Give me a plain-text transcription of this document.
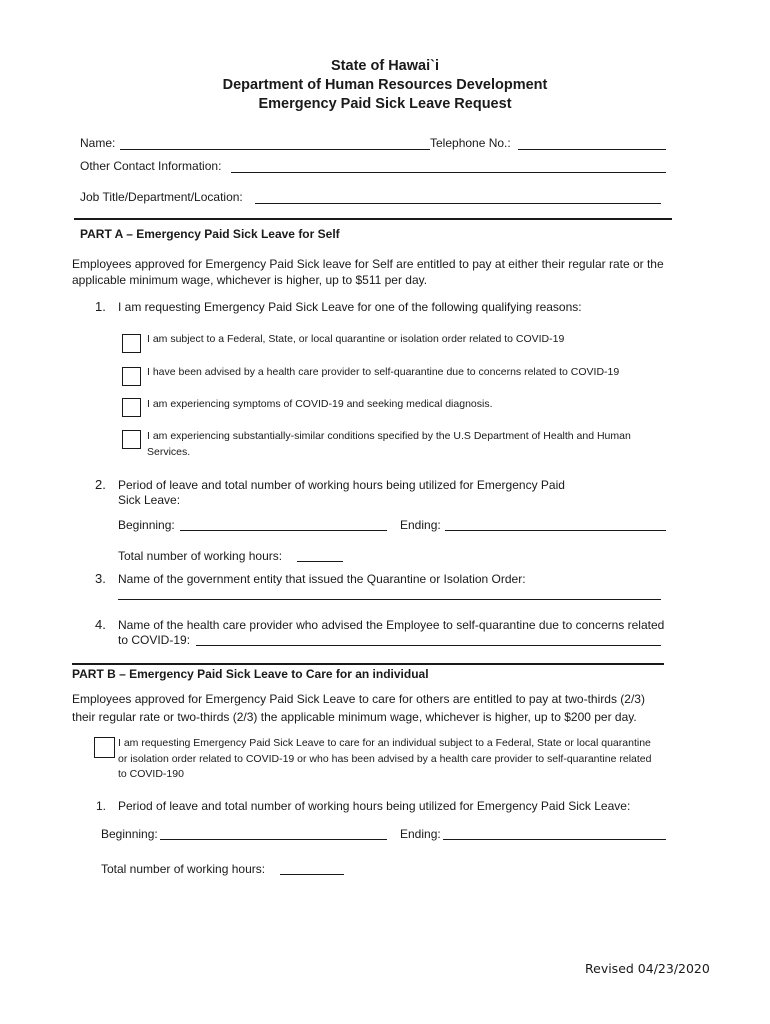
State of Hawai`i
Department of Human Resources Development
Emergency Paid Sick Leave Request
Name:	Telephone No.:
Other Contact Information:
Job Title/Department/Location:
PART A – Emergency Paid Sick Leave for Self
Employees approved for Emergency Paid Sick leave for Self are entitled to pay at either their regular rate or the
applicable minimum wage, whichever is higher, up to $511 per day.
1. I am requesting Emergency Paid Sick Leave for one of the following qualifying reasons:
I am subject to a Federal, State, or local quarantine or isolation order related to COVID-19
I have been advised by a health care provider to self-quarantine due to concerns related to COVID-19
I am experiencing symptoms of COVID-19 and seeking medical diagnosis.
I am experiencing substantially-similar conditions specified by the U.S Department of Health and Human
Services.
2. Period of leave and total number of working hours being utilized for Emergency Paid
Sick Leave:
Beginning:	Ending:
Total number of working hours:
3. Name of the government entity that issued the Quarantine or Isolation Order:
4. Name of the health care provider who advised the Employee to self-quarantine due to concerns related
to COVID-19:
PART B – Emergency Paid Sick Leave to Care for an individual
Employees approved for Emergency Paid Sick Leave to care for others are entitled to pay at two-thirds (2/3)
their regular rate or two-thirds (2/3) the applicable minimum wage, whichever is higher, up to $200 per day.
I am requesting Emergency Paid Sick Leave to care for an individual subject to a Federal, State or local quarantine
or isolation order related to COVID-19 or who has been advised by a health care provider to self-quarantine related
to COVID-190
1. Period of leave and total number of working hours being utilized for Emergency Paid Sick Leave:
Beginning:	Ending:
Total number of working hours:
Revised 04/23/2020
